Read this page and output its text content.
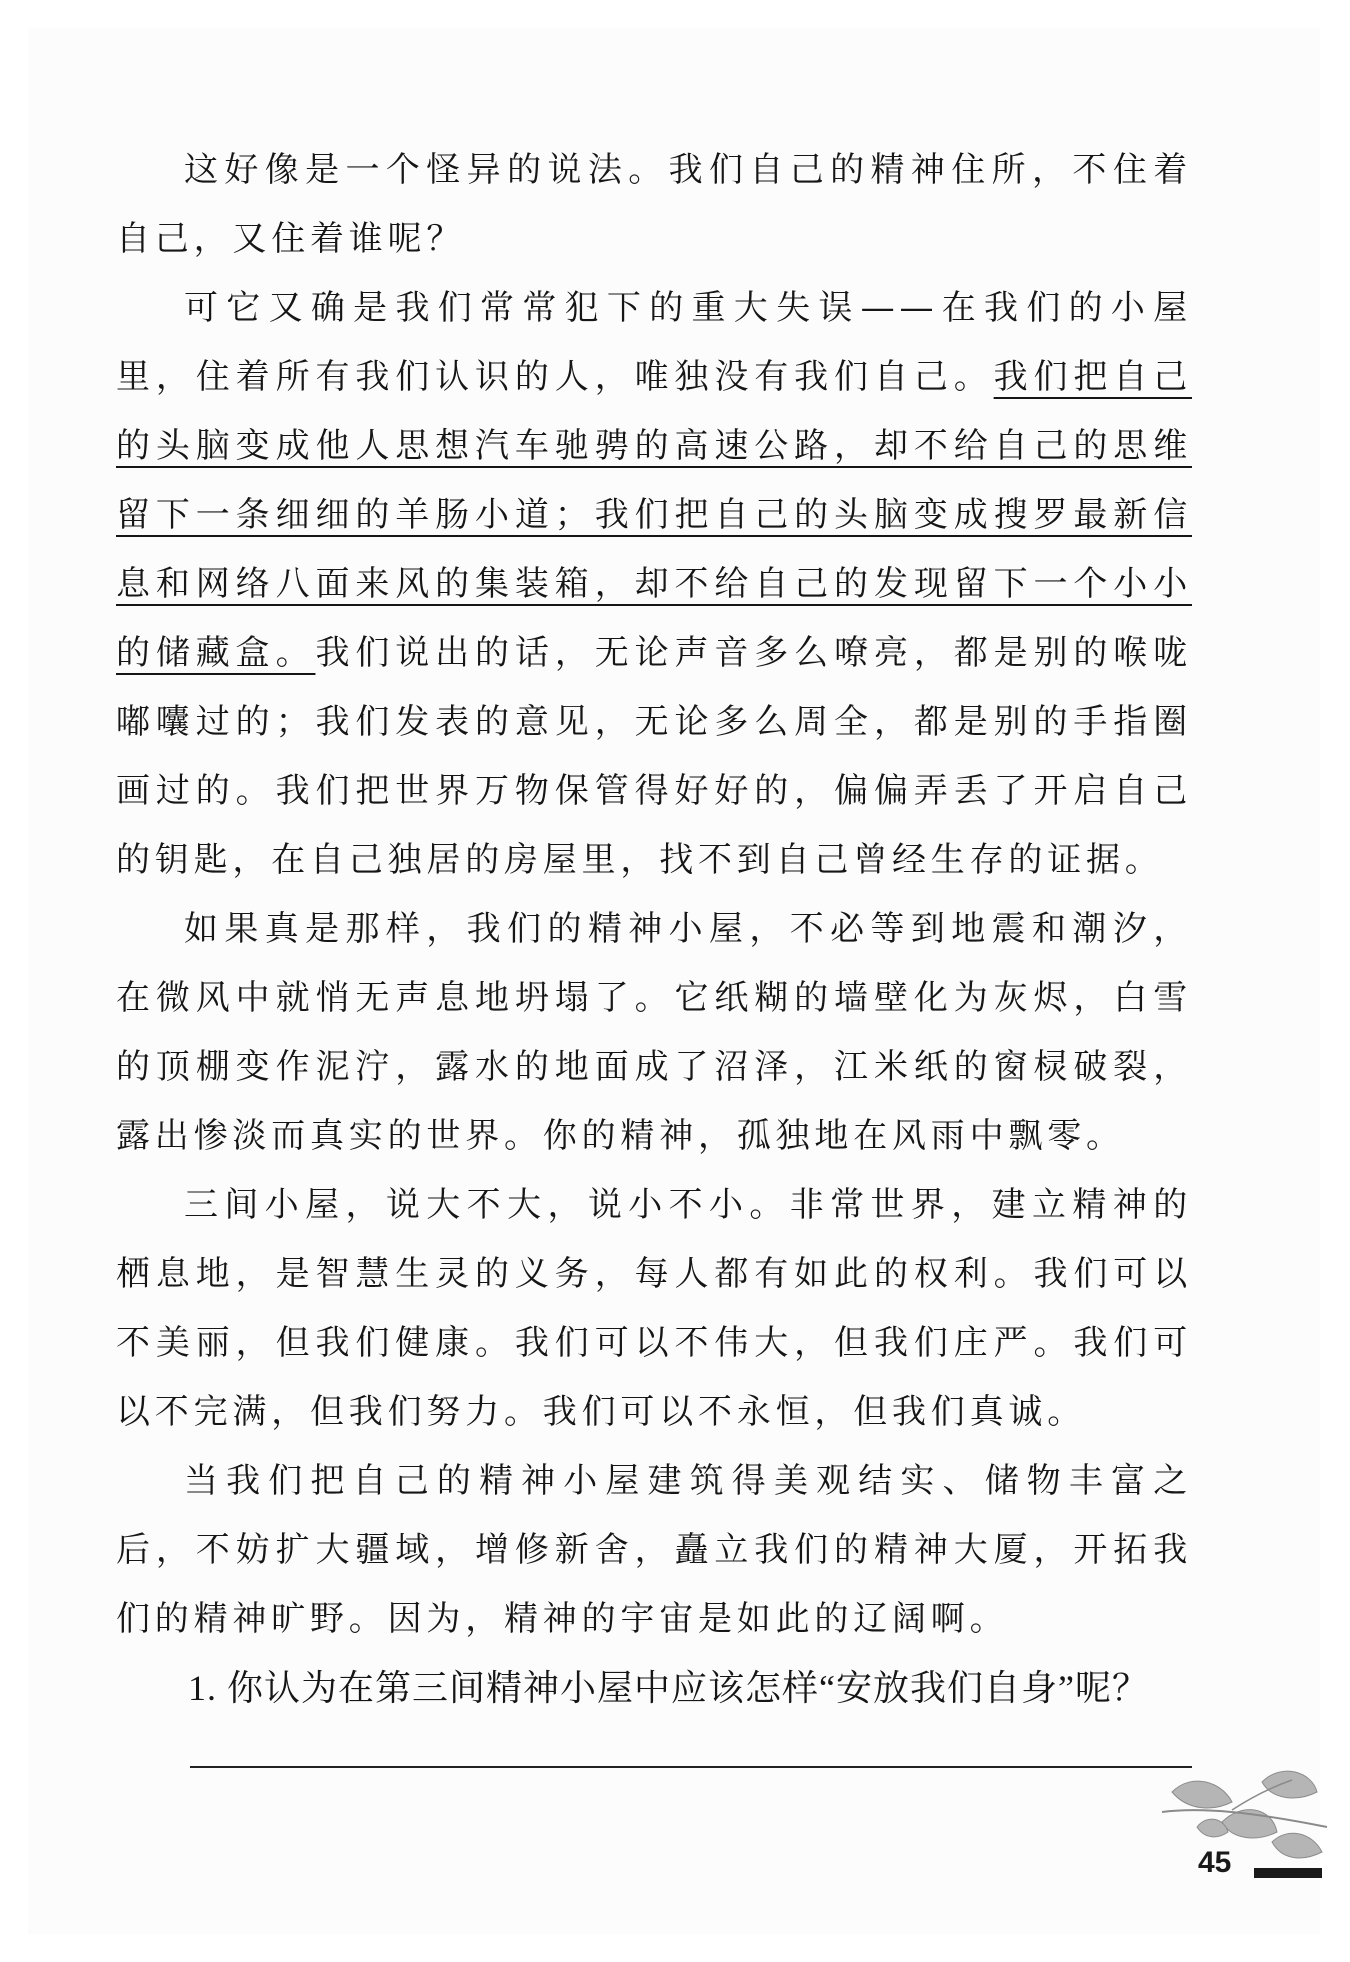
这好像是一个怪异的说法。我们自己的精神住所，不住着自己，又住着谁呢？

可它又确是我们常常犯下的重大失误——在我们的小屋里，住着所有我们认识的人，唯独没有我们自己。我们把自己的头脑变成他人思想汽车驰骋的高速公路，却不给自己的思维留下一条细细的羊肠小道；我们把自己的头脑变成搜罗最新信息和网络八面来风的集装箱，却不给自己的发现留下一个小小的储藏盒。我们说出的话，无论声音多么嘹亮，都是别的喉咙嘟囔过的；我们发表的意见，无论多么周全，都是别的手指圈画过的。我们把世界万物保管得好好的，偏偏弄丢了开启自己的钥匙，在自己独居的房屋里，找不到自己曾经生存的证据。

如果真是那样，我们的精神小屋，不必等到地震和潮汐，在微风中就悄无声息地坍塌了。它纸糊的墙壁化为灰烬，白雪的顶棚变作泥泞，露水的地面成了沼泽，江米纸的窗棂破裂，露出惨淡而真实的世界。你的精神，孤独地在风雨中飘零。

三间小屋，说大不大，说小不小。非常世界，建立精神的栖息地，是智慧生灵的义务，每人都有如此的权利。我们可以不美丽，但我们健康。我们可以不伟大，但我们庄严。我们可以不完满，但我们努力。我们可以不永恒，但我们真诚。

当我们把自己的精神小屋建筑得美观结实、储物丰富之后，不妨扩大疆域，增修新舍，矗立我们的精神大厦，开拓我们的精神旷野。因为，精神的宇宙是如此的辽阔啊。

1. 你认为在第三间精神小屋中应该怎样“安放我们自身”呢？

45
